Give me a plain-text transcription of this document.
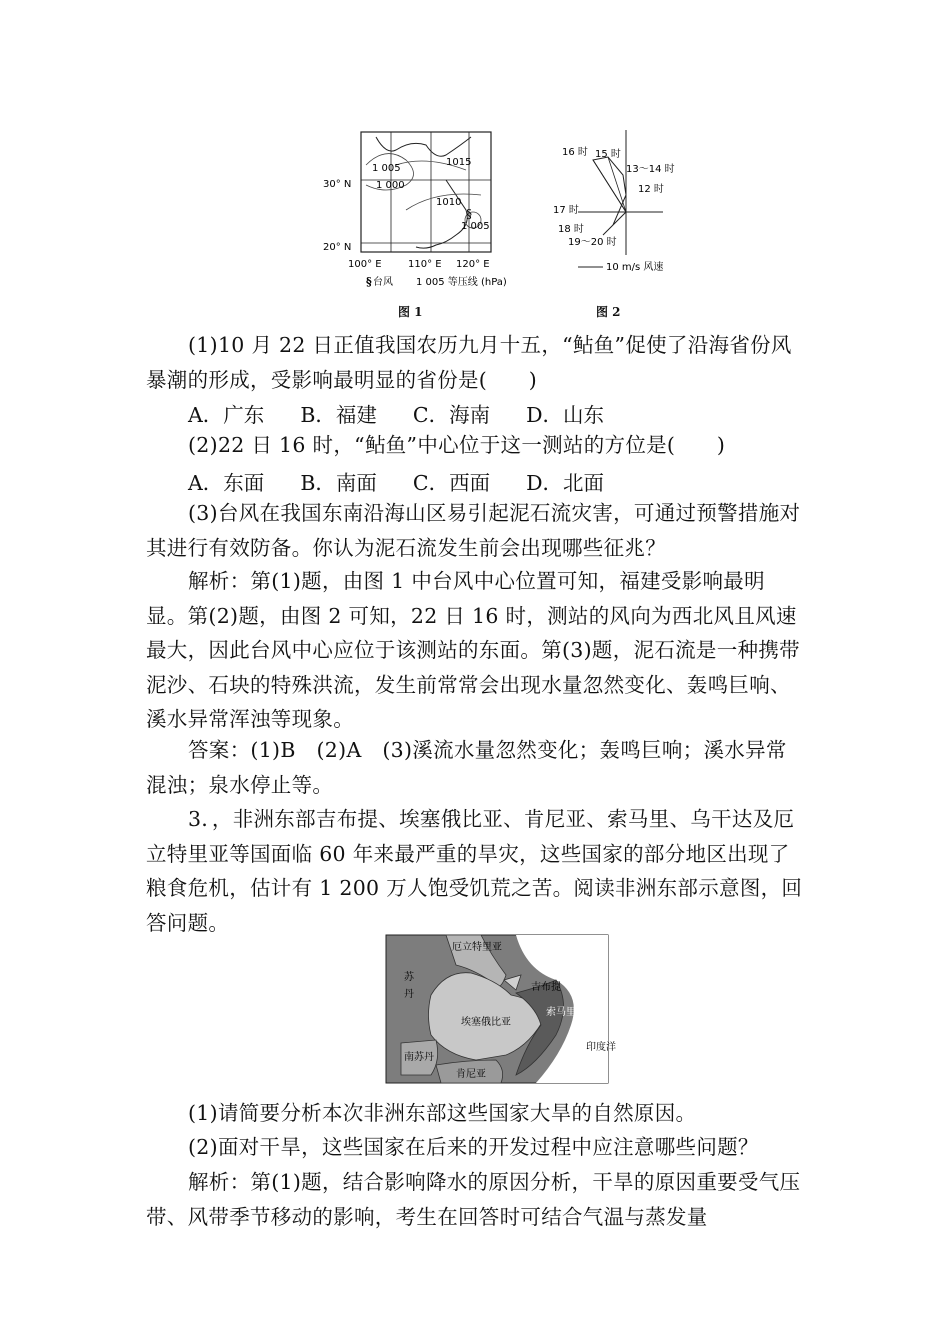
1015
1 005
1 000
1010
1 005
§
30° N
20° N
100° E	110° E 120° E
§ 台风 1 005 等压线 (hPa)
图 1
16 时 15 时
13～14 时
12 时
17 时
18 时
19～20 时
10 m/s 风速
图 2
(1)10 月 22 日正值我国农历九月十五，“鲇鱼”促使了沿海省份风暴潮的形成，受影响最明显的省份是(　　)
A．广东 B．福建 C．海南 D．山东
(2)22 日 16 时，“鲇鱼”中心位于这一测站的方位是(　　)
A．东面 B．南面 C．西面 D．北面
(3)台风在我国东南沿海山区易引起泥石流灾害，可通过预警措施对其进行有效防备。你认为泥石流发生前会出现哪些征兆？
解析：第(1)题，由图 1 中台风中心位置可知，福建受影响最明显。第(2)题，由图 2 可知，22 日 16 时，测站的风向为西北风且风速最大，因此台风中心应位于该测站的东面。第(3)题，泥石流是一种携带泥沙、石块的特殊洪流，发生前常常会出现水量忽然变化、轰鸣巨响、溪水异常浑浊等现象。
答案：(1)B　(2)A　(3)溪流水量忽然变化；轰鸣巨响；溪水异常混浊；泉水停止等。
3．，非洲东部吉布提、埃塞俄比亚、肯尼亚、索马里、乌干达及厄立特里亚等国面临 60 年来最严重的旱灾，这些国家的部分地区出现了粮食危机，估计有 1 200 万人饱受饥荒之苦。阅读非洲东部示意图，回答问题。
苏
丹
厄立特里亚
吉布提
埃塞俄比亚
索马里
南苏丹
肯尼亚
印度洋
(1)请简要分析本次非洲东部这些国家大旱的自然原因。
(2)面对干旱，这些国家在后来的开发过程中应注意哪些问题？
解析：第(1)题，结合影响降水的原因分析，干旱的原因重要受气压带、风带季节移动的影响，考生在回答时可结合气温与蒸发量
